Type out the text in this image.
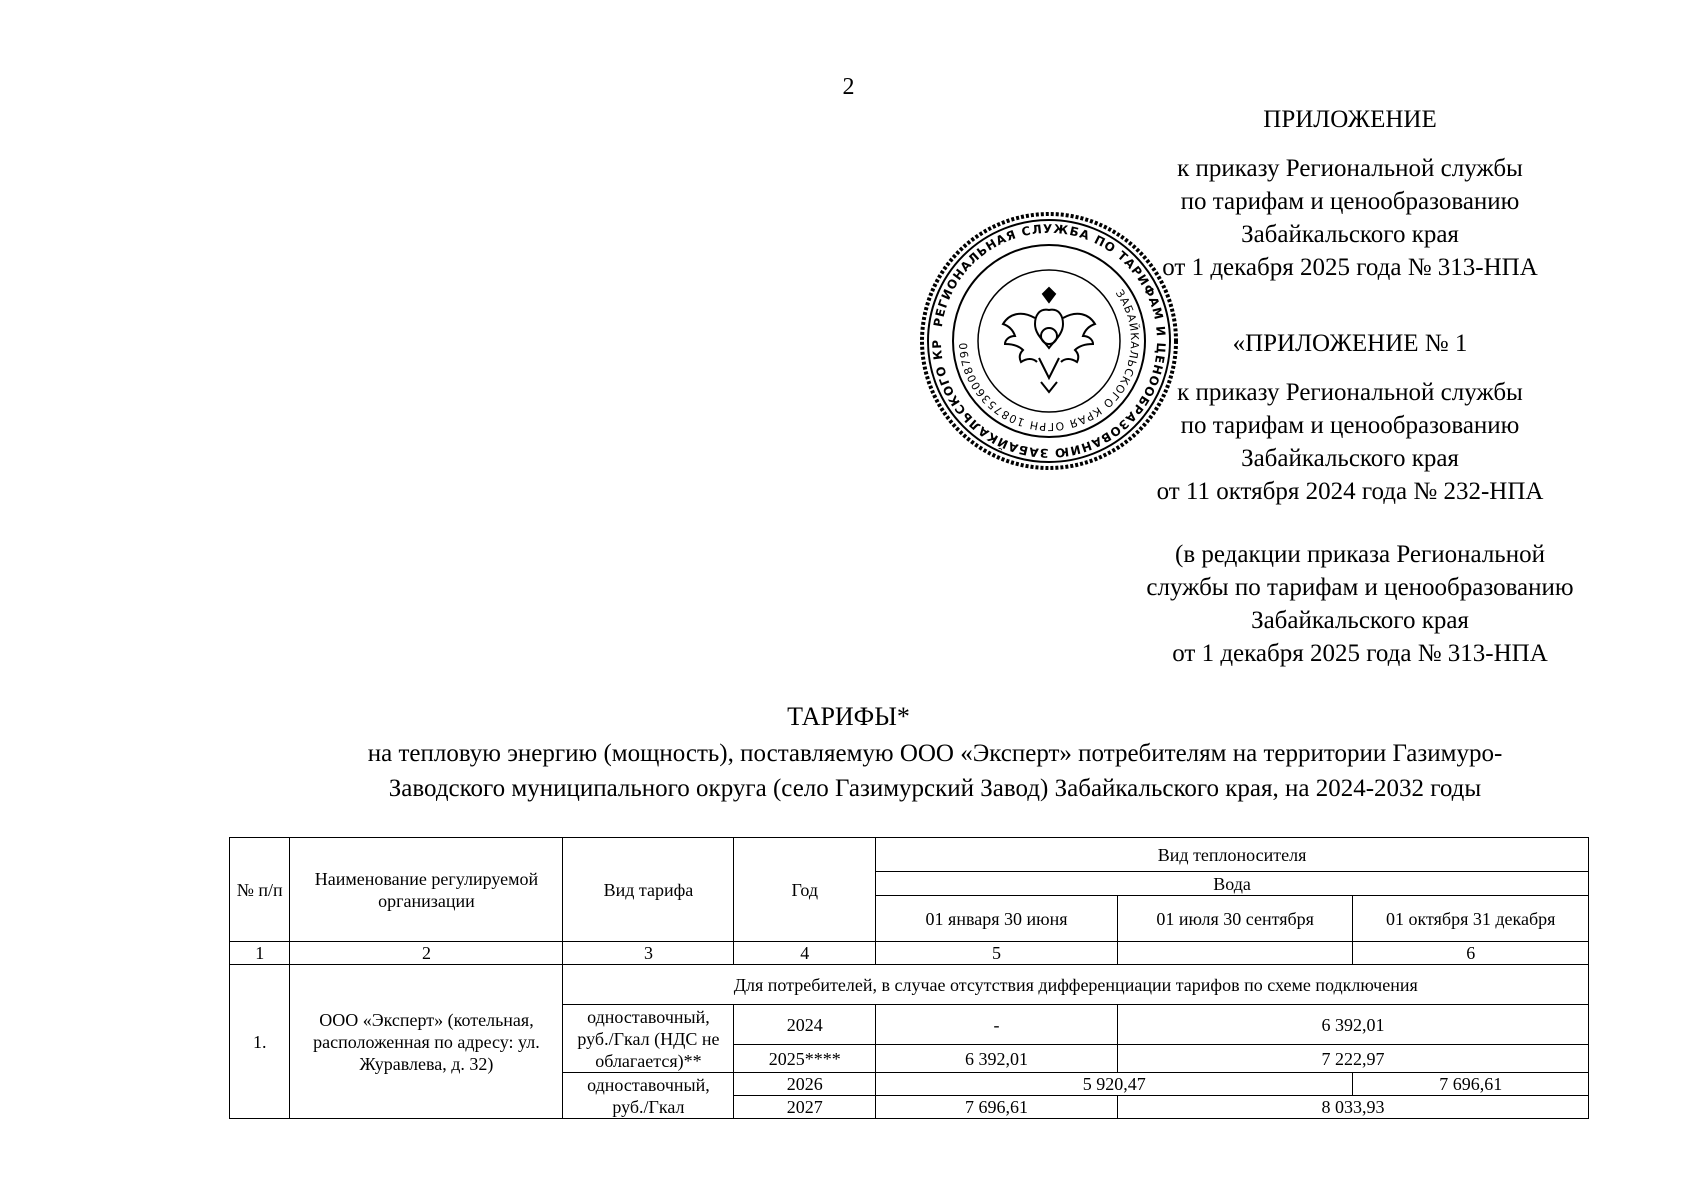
2
ПРИЛОЖЕНИЕ
к приказу Региональной службы
по тарифам и ценообразованию
Забайкальского края
от 1 декабря 2025 года № 313-НПА
«ПРИЛОЖЕНИЕ № 1
к приказу Региональной службы
по тарифам и ценообразованию
Забайкальского края
от 11 октября 2024 года № 232-НПА
(в редакции приказа Региональной
службы по тарифам и ценообразованию
Забайкальского края
от 1 декабря 2025 года № 313-НПА
РЕГИОНАЛЬНАЯ СЛУЖБА ПО ТАРИФАМ И ЦЕНООБРАЗОВАНИЮ ЗАБАЙКАЛЬСКОГО КР
ЗАБАЙКАЛЬСКОГО КРАЯ ОГРН 1087536008790
ТАРИФЫ*
на тепловую энергию (мощность), поставляемую ООО «Эксперт» потребителям на территории Газимуро-
Заводского муниципального округа (село Газимурский Завод) Забайкальского края, на 2024-2032 годы
№ п/п	Наименование регулируемой организации	Вид тарифа	Год	Вид теплоносителя		
				Вода		
				01 января 30 июня	01 июля 30 сентября	01 октября 31 декабря
1	2	3	4	5		6
1.	ООО «Эксперт» (котельная, расположенная по адресу: ул. Журавлева, д. 32)	Для потребителей, в случае отсутствия дифференциации тарифов по схеме подключения				
		одноставочный, руб./Гкал (НДС не облагается)**	2024	-	6 392,01	
			2025****	6 392,01	7 222,97	
		одноставочный, руб./Гкал	2026	5 920,47		7 696,61
			2027	7 696,61	8 033,93	
